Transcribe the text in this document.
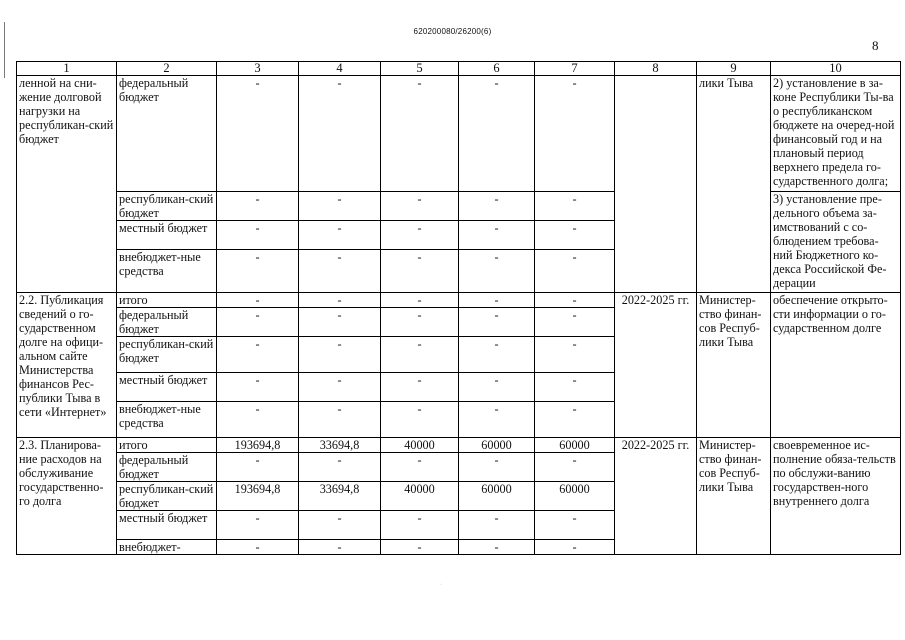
620200080/26200(6)
8
1	2	3	4	5	6	7	8	9	10
ленной на сни-жение долговой нагрузки на республикан-ский бюджет	федеральный бюджет	-	-	-	-	-		лики Тыва	2) установление в за-коне Республики Ты-ва о республиканском бюджете на очеред-ной финансовый год и на плановый период верхнего предела го-сударственного долга;
	республикан-ский бюджет	-	-	-	-	-			3) установление пре-дельного объема за-имствований с со-блюдением требова-ний Бюджетного ко-декса Российской Фе-дерации
	местный бюджет	-	-	-	-	-			
	внебюджет-ные средства	-	-	-	-	-			
2.2. Публикация сведений о го-сударственном долге на офици-альном сайте Министерства финансов Рес-публики Тыва в сети «Интернет»	итого	-	-	-	-	-	2022-2025 гг.	Министер-ство финан-сов Респуб-лики Тыва	обеспечение открыто-сти информации о го-сударственном долге
	федеральный бюджет	-	-	-	-	-			
	республикан-ский бюджет	-	-	-	-	-			
	местный бюджет	-	-	-	-	-			
	внебюджет-ные средства	-	-	-	-	-			
2.3. Планирова-ние расходов на обслуживание государственно-го долга	итого	193694,8	33694,8	40000	60000	60000	2022-2025 гг.	Министер-ство финан-сов Респуб-лики Тыва	своевременное ис-полнение обяза-тельств по обслужи-ванию государствен-ного внутреннего долга
	федеральный бюджет	-	-	-	-	-			
	республикан-ский бюджет	193694,8	33694,8	40000	60000	60000			
	местный бюджет	-	-	-	-	-			
	внебюджет-	-	-	-	-	-			
·
